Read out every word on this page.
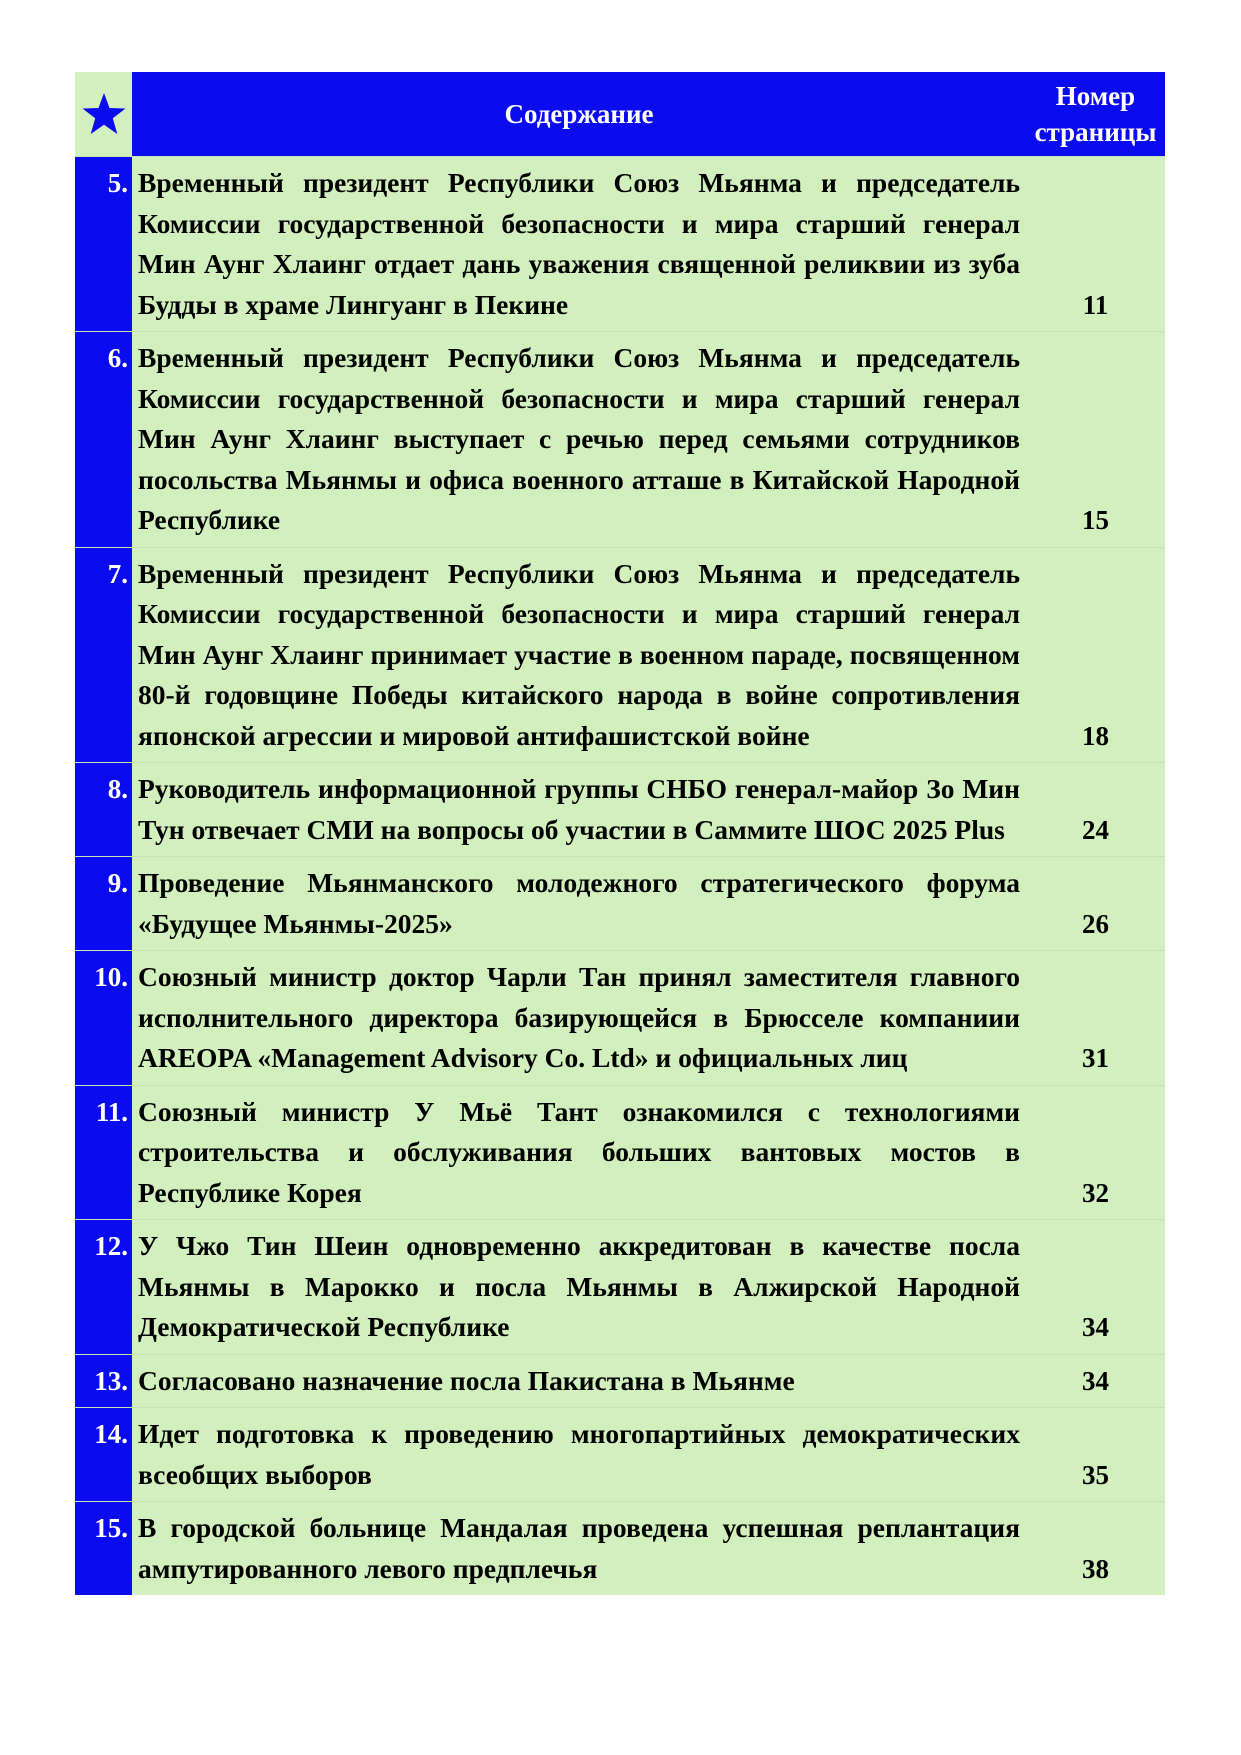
	Содержание	Номер
страницы
5.	Временный президент Республики Союз Мьянма и председатель Комиссии государственной безопасности и мира старший генерал Мин Аунг Хлаинг отдает дань уважения священной реликвии из зуба Будды в храме Лингуанг в Пекине	11
6.	Временный президент Республики Союз Мьянма и председатель Комиссии государственной безопасности и мира старший генерал Мин Аунг Хлаинг выступает с речью перед семьями сотрудников посольства Мьянмы и офиса военного атташе в Китайской Народной Республике	15
7.	Временный президент Республики Союз Мьянма и председатель Комиссии государственной безопасности и мира старший генерал Мин Аунг Хлаинг принимает участие в военном параде, посвященном 80-й годовщине Победы китайского народа в войне сопротивления японской агрессии и мировой антифашистской войне	18
8.	Руководитель информационной группы СНБО генерал-майор Зо Мин Тун отвечает СМИ на вопросы об участии в Саммите ШОС 2025 Plus	24
9.	Проведение Мьянманского молодежного стратегического форума «Будущее Мьянмы-2025»	26
10.	Союзный министр доктор Чарли Тан принял заместителя главного исполнительного директора базирующейся в Брюсселе компаниии AREOPA «Management Advisory Co. Ltd» и официальных лиц	31
11.	Союзный министр У Мьё Тант ознакомился с технологиями строительства и обслуживания больших вантовых мостов в Республике Корея	32
12.	У Чжо Тин Шеин одновременно аккредитован в качестве посла Мьянмы в Марокко и посла Мьянмы в Алжирской Народной Демократической Республике	34
13.	Согласовано назначение посла Пакистана в Мьянме	34
14.	Идет подготовка к проведению многопартийных демократических всеобщих выборов	35
15.	В городской больнице Мандалая проведена успешная реплантация ампутированного левого предплечья	38
